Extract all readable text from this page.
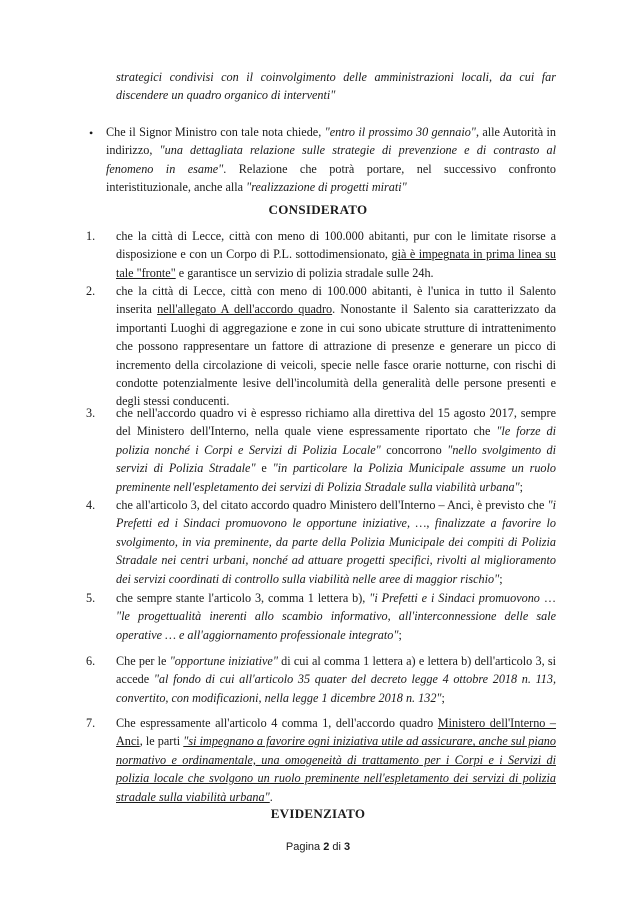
strategici condivisi con il coinvolgimento delle amministrazioni locali, da cui far discendere un quadro organico di interventi"

• Che il Signor Ministro con tale nota chiede, "entro il prossimo 30 gennaio", alle Autorità in indirizzo, "una dettagliata relazione sulle strategie di prevenzione e di contrasto al fenomeno in esame". Relazione che potrà portare, nel successivo confronto interistituzionale, anche alla "realizzazione di progetti mirati"

CONSIDERATO
1. che la città di Lecce, città con meno di 100.000 abitanti, pur con le limitate risorse a disposizione e con un Corpo di P.L. sottodimensionato, già è impegnata in prima linea su tale "fronte" e garantisce un servizio di polizia stradale sulle 24h.

2. che la città di Lecce, città con meno di 100.000 abitanti, è l'unica in tutto il Salento inserita nell'allegato A dell'accordo quadro. Nonostante il Salento sia caratterizzato da importanti Luoghi di aggregazione e zone in cui sono ubicate strutture di intrattenimento che possono rappresentare un fattore di attrazione di presenze e generare un picco di incremento della circolazione di veicoli, specie nelle fasce orarie notturne, con rischi di condotte potenzialmente lesive dell'incolumità della generalità delle persone presenti e degli stessi conducenti.

3. che nell'accordo quadro vi è espresso richiamo alla direttiva del 15 agosto 2017, sempre del Ministero dell'Interno, nella quale viene espressamente riportato che "le forze di polizia nonché i Corpi e Servizi di Polizia Locale" concorrono "nello svolgimento di servizi di Polizia Stradale" e "in particolare la Polizia Municipale assume un ruolo preminente nell'espletamento dei servizi di Polizia Stradale sulla viabilità urbana";

4. che all'articolo 3, del citato accordo quadro Ministero dell'Interno – Anci, è previsto che "i Prefetti ed i Sindaci promuovono le opportune iniziative, …, finalizzate a favorire lo svolgimento, in via preminente, da parte della Polizia Municipale dei compiti di Polizia Stradale nei centri urbani, nonché ad attuare progetti specifici, rivolti al miglioramento dei servizi coordinati di controllo sulla viabilità nelle aree di maggior rischio";

5. che sempre stante l'articolo 3, comma 1 lettera b), "i Prefetti e i Sindaci promuovono … "le progettualità inerenti allo scambio informativo, all'interconnessione delle sale operative … e all'aggiornamento professionale integrato";

6. Che per le "opportune iniziative" di cui al comma 1 lettera a) e lettera b) dell'articolo 3, si accede "al fondo di cui all'articolo 35 quater del decreto legge 4 ottobre 2018 n. 113, convertito, con modificazioni, nella legge 1 dicembre 2018 n. 132";

7. Che espressamente all'articolo 4 comma 1, dell'accordo quadro Ministero dell'Interno – Anci, le parti "si impegnano a favorire ogni iniziativa utile ad assicurare, anche sul piano normativo e ordinamentale, una omogeneità di trattamento per i Corpi e i Servizi di polizia locale che svolgono un ruolo preminente nell'espletamento dei servizi di polizia stradale sulla viabilità urbana".

EVIDENZIATO
Pagina 2 di 3
